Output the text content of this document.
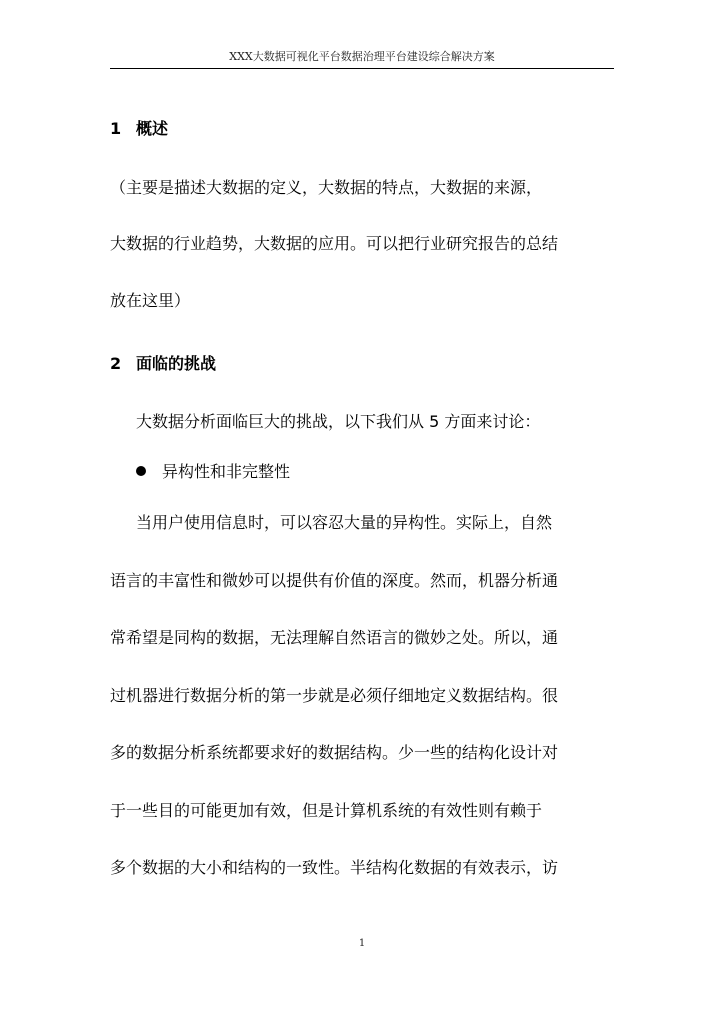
XXX大数据可视化平台数据治理平台建设综合解决方案
1 概述
（主要是描述大数据的定义，大数据的特点，大数据的来源，
大数据的行业趋势，大数据的应用。可以把行业研究报告的总结
放在这里）
2 面临的挑战
大数据分析面临巨大的挑战，以下我们从 5 方面来讨论：
异构性和非完整性
当用户使用信息时，可以容忍大量的异构性。实际上，自然
语言的丰富性和微妙可以提供有价值的深度。然而，机器分析通
常希望是同构的数据，无法理解自然语言的微妙之处。所以，通
过机器进行数据分析的第一步就是必须仔细地定义数据结构。很
多的数据分析系统都要求好的数据结构。少一些的结构化设计对
于一些目的可能更加有效，但是计算机系统的有效性则有赖于
多个数据的大小和结构的一致性。半结构化数据的有效表示，访
1
